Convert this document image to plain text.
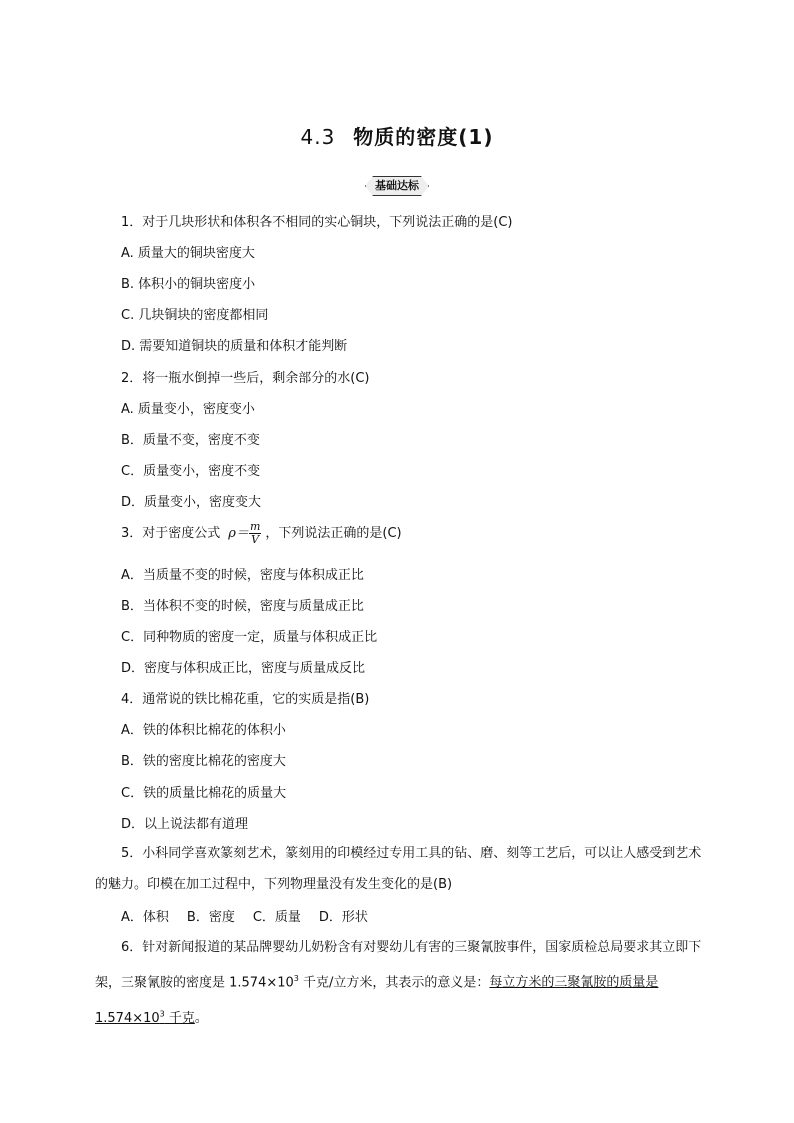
4.3 物质的密度(1)
基础达标
1．对于几块形状和体积各不相同的实心铜块，下列说法正确的是(C)
A. 质量大的铜块密度大
B. 体积小的铜块密度小
C. 几块铜块的密度都相同
D. 需要知道铜块的质量和体积才能判断
2．将一瓶水倒掉一些后，剩余部分的水(C)
A. 质量变小，密度变小
B．质量不变，密度不变
C．质量变小，密度不变
D．质量变小，密度变大
3．对于密度公式 $\rho= \frac{m}{V}$ ，下列说法正确的是(C)
A．当质量不变的时候，密度与体积成正比
B．当体积不变的时候，密度与质量成正比
C．同种物质的密度一定，质量与体积成正比
D．密度与体积成正比，密度与质量成反比
4．通常说的铁比棉花重，它的实质是指(B)
A．铁的体积比棉花的体积小
B．铁的密度比棉花的密度大
C．铁的质量比棉花的质量大
D．以上说法都有道理
5．小科同学喜欢篆刻艺术，篆刻用的印模经过专用工具的钻、磨、刻等工艺后，可以让人感受到艺术的魅力。印模在加工过程中，下列物理量没有发生变化的是(B)
A．体积 B．密度 C．质量 D．形状
6．针对新闻报道的某品牌婴幼儿奶粉含有对婴幼儿有害的三聚氰胺事件，国家质检总局要求其立即下架，三聚氰胺的密度是 $1.574\times 10^3$ 千克/立方米，其表示的意义是：每立方米的三聚氰胺的质量是 $1.574\times 10^3$ 千克。
